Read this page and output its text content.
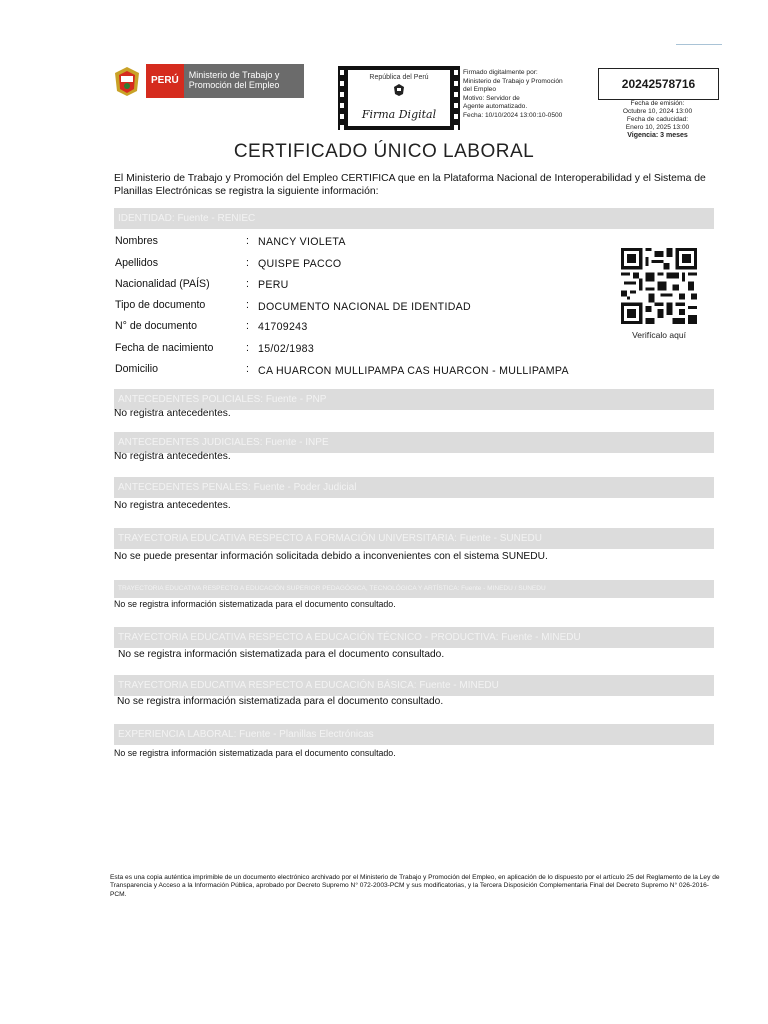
PERÚ	Ministerio de Trabajo y Promoción del Empleo
República del Perú
Firma Digital
Firmado digitalmente por:
Ministerio de Trabajo y Promoción
del Empleo
Motivo: Servidor de
Agente automatizado.
Fecha: 10/10/2024 13:00:10-0500
20242578716
Fecha de emisión:
Octubre 10, 2024 13:00
Fecha de caducidad:
Enero 10, 2025 13:00
Vigencia: 3 meses
CERTIFICADO ÚNICO LABORAL
El Ministerio de Trabajo y Promoción del Empleo CERTIFICA que en la Plataforma Nacional de Interoperabilidad y el Sistema de Planillas Electrónicas se registra la siguiente información:
IDENTIDAD: Fuente - RENIEC
Nombres	: NANCY VIOLETA
Apellidos	: QUISPE PACCO
Nacionalidad (PAÍS)	: PERU
Tipo de documento	: DOCUMENTO NACIONAL DE IDENTIDAD
N° de documento	: 41709243
Fecha de nacimiento	: 15/02/1983
Domicilio	: CA HUARCON MULLIPAMPA CAS HUARCON - MULLIPAMPA
Verifícalo aquí
ANTECEDENTES POLICIALES: Fuente - PNP
No registra antecedentes.
ANTECEDENTES JUDICIALES: Fuente - INPE
No registra antecedentes.
ANTECEDENTES PENALES: Fuente - Poder Judicial
No registra antecedentes.
TRAYECTORIA EDUCATIVA RESPECTO A FORMACIÓN UNIVERSITARIA: Fuente - SUNEDU
No se puede presentar información solicitada debido a inconvenientes con el sistema SUNEDU.
TRAYECTORIA EDUCATIVA RESPECTO A EDUCACIÓN SUPERIOR PEDAGÓGICA, TECNOLÓGICA Y ARTÍSTICA: Fuente - MINEDU / SUNEDU
No se registra información sistematizada para el documento consultado.
TRAYECTORIA EDUCATIVA RESPECTO A EDUCACIÓN TÉCNICO - PRODUCTIVA: Fuente - MINEDU
No se registra información sistematizada para el documento consultado.
TRAYECTORIA EDUCATIVA RESPECTO A EDUCACIÓN BÁSICA: Fuente - MINEDU
No se registra información sistematizada para el documento consultado.
EXPERIENCIA LABORAL: Fuente - Planillas Electrónicas
No se registra información sistematizada para el documento consultado.
Esta es una copia auténtica imprimible de un documento electrónico archivado por el Ministerio de Trabajo y Promoción del Empleo, en aplicación de lo dispuesto por el artículo 25 del Reglamento de la Ley de Transparencia y Acceso a la Información Pública, aprobado por Decreto Supremo N° 072-2003-PCM y sus modificatorias, y la Tercera Disposición Complementaria Final del Decreto Supremo N° 026-2016-PCM.
